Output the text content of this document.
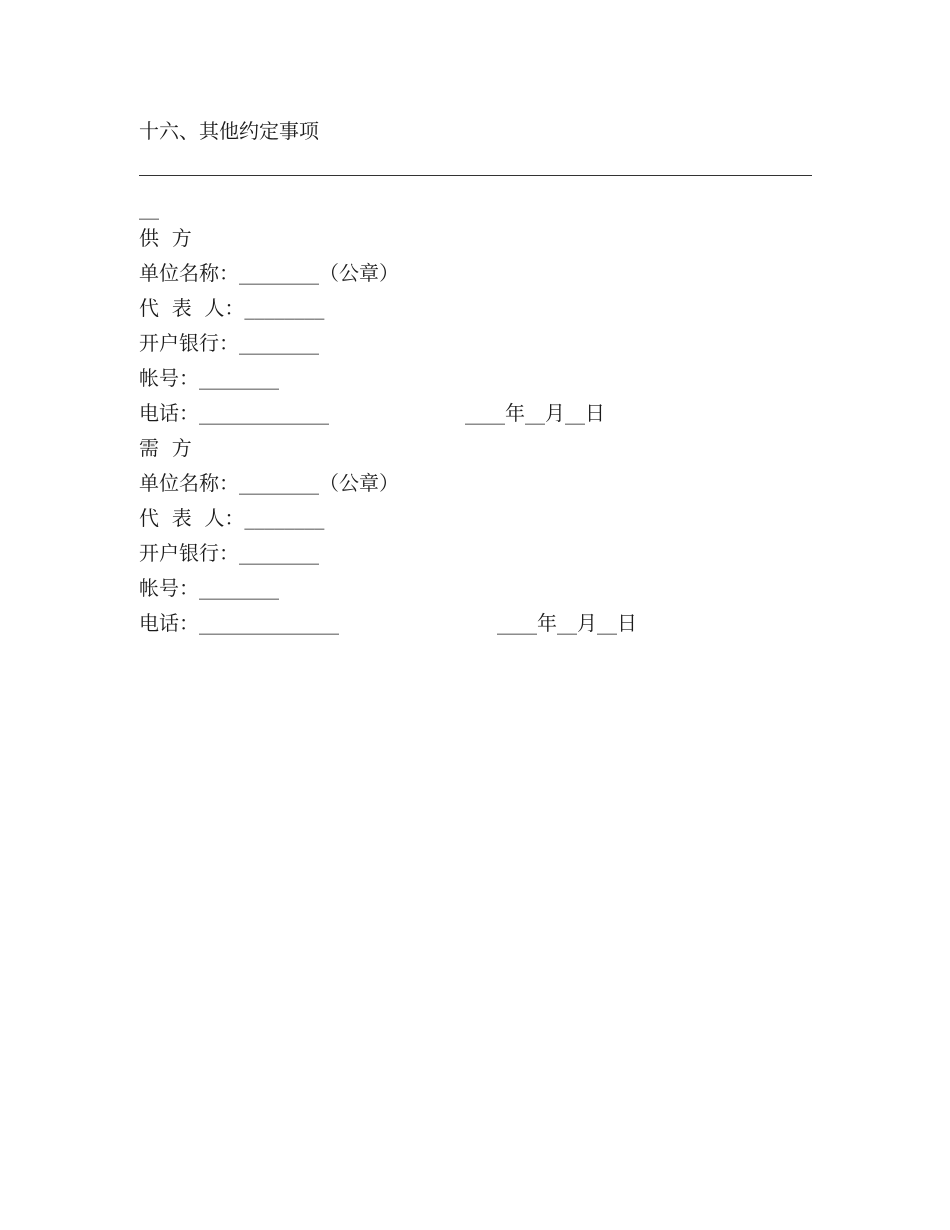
十六、其他约定事项
__
供  方
单位名称：________（公章）
代  表  人：________
开户银行：________
帐号：________
电话：_____________	____年__月__日
需  方
单位名称：________（公章）
代  表  人：________
开户银行：________
帐号：________
电话：______________	____年__月__日
